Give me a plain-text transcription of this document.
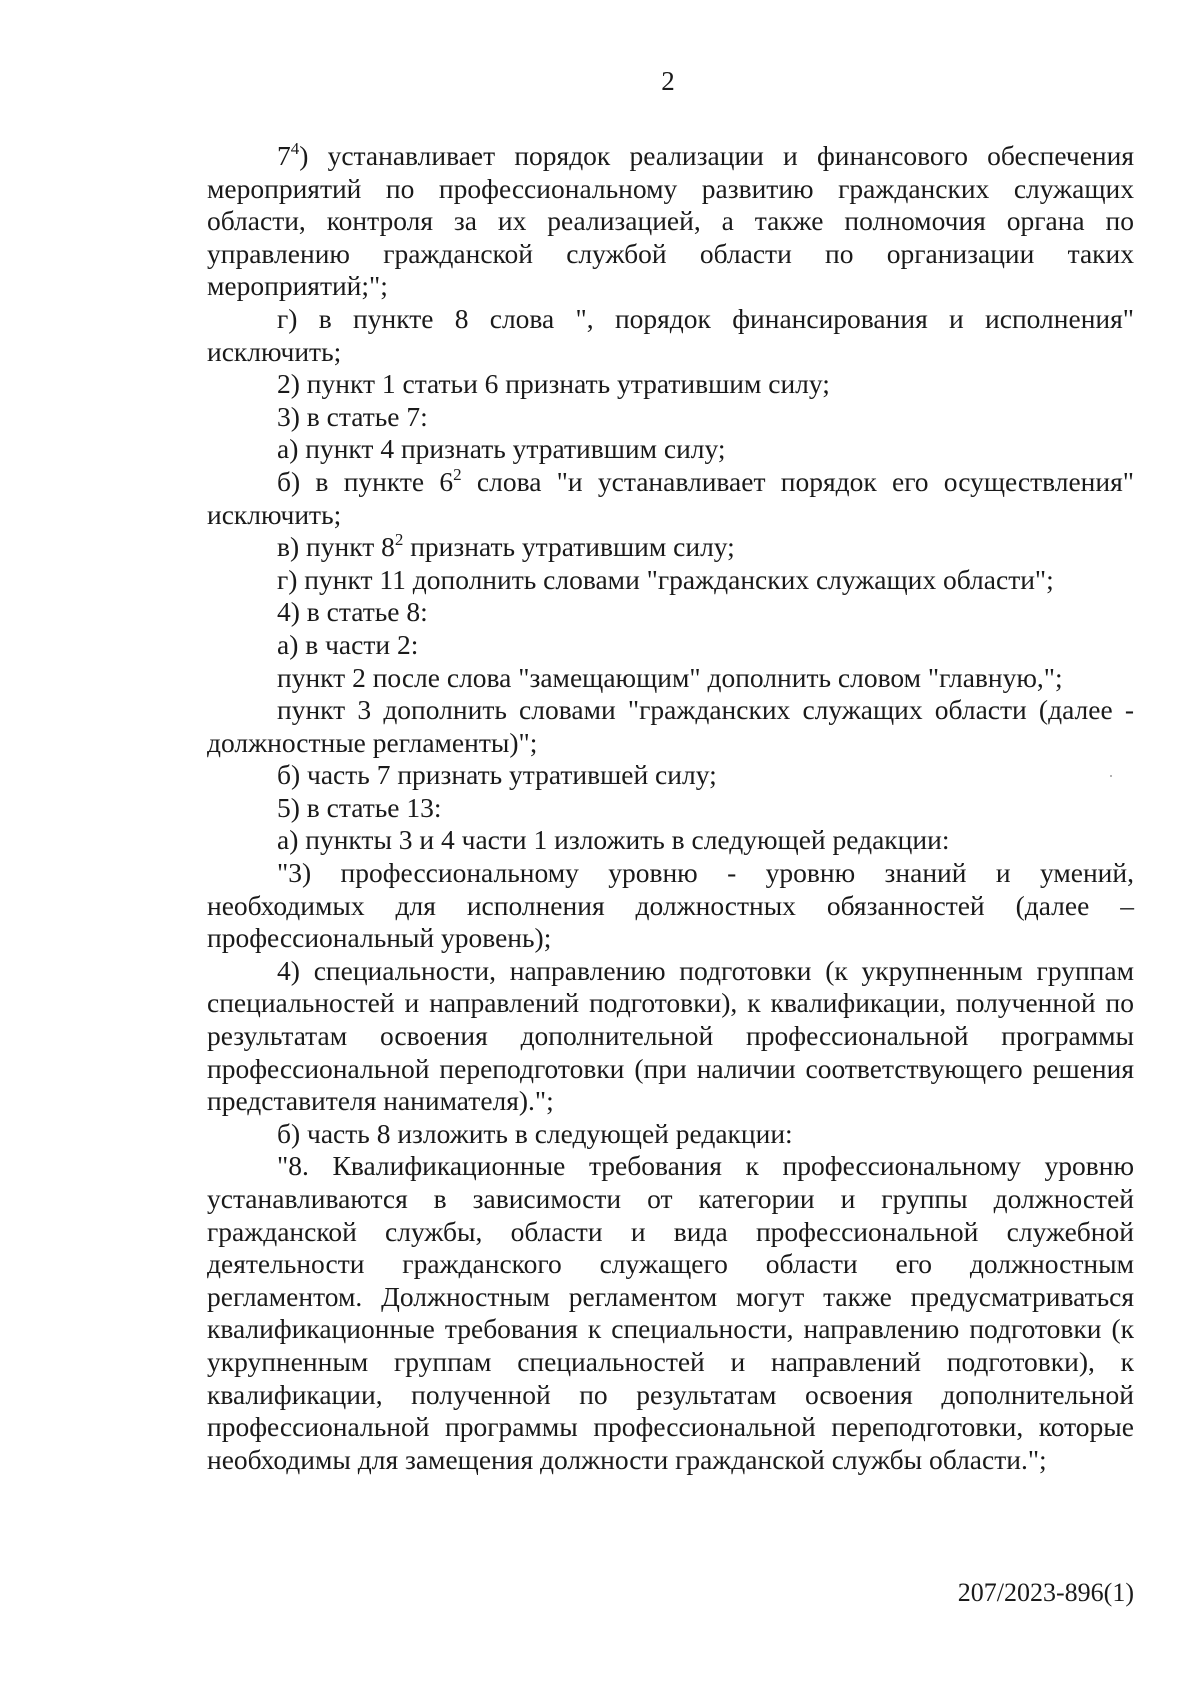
2

$7^4$) устанавливает порядок реализации и финансового обеспечения мероприятий по профессиональному развитию гражданских служащих области, контроля за их реализацией, а также полномочия органа по управлению гражданской службой области по организации таких мероприятий;";

г) в пункте 8 слова ", порядок финансирования и исполнения" исключить;

2) пункт 1 статьи 6 признать утратившим силу;

3) в статье 7:

а) пункт 4 признать утратившим силу;

б) в пункте $6^2$ слова "и устанавливает порядок его осуществления" исключить;

в) пункт $8^2$ признать утратившим силу;

г) пункт 11 дополнить словами "гражданских служащих области";

4) в статье 8:

а) в части 2:

пункт 2 после слова "замещающим" дополнить словом "главную,";

пункт 3 дополнить словами "гражданских служащих области (далее - должностные регламенты)";

б) часть 7 признать утратившей силу;

5) в статье 13:

а) пункты 3 и 4 части 1 изложить в следующей редакции:

"3) профессиональному уровню - уровню знаний и умений, необходимых для исполнения должностных обязанностей (далее – профессиональный уровень);

4) специальности, направлению подготовки (к укрупненным группам специальностей и направлений подготовки), к квалификации, полученной по результатам освоения дополнительной профессиональной программы профессиональной переподготовки (при наличии соответствующего решения представителя нанимателя).";

б) часть 8 изложить в следующей редакции:

"8. Квалификационные требования к профессиональному уровню устанавливаются в зависимости от категории и группы должностей гражданской службы, области и вида профессиональной служебной деятельности гражданского служащего области его должностным регламентом. Должностным регламентом могут также предусматриваться квалификационные требования к специальности, направлению подготовки (к укрупненным группам специальностей и направлений подготовки), к квалификации, полученной по результатам освоения дополнительной профессиональной программы профессиональной переподготовки, которые необходимы для замещения должности гражданской службы области.";

207/2023-896(1)
